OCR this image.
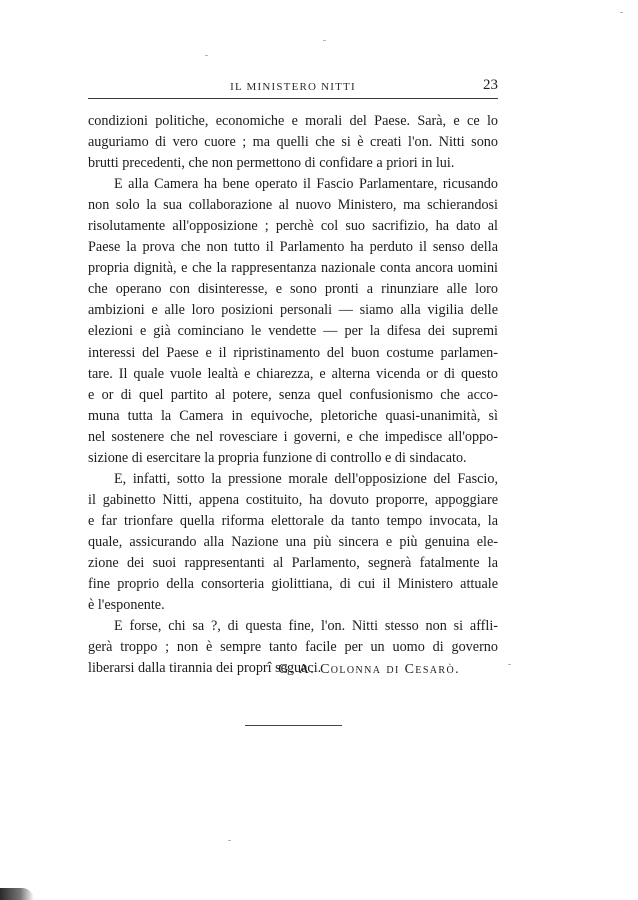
IL MINISTERO NITTI	23

condizioni politiche, economiche e morali del Paese. Sarà, e ce lo

auguriamo di vero cuore ; ma quelli che si è creati l'on. Nitti sono

brutti precedenti, che non permettono di confidare a priori in lui.

E alla Camera ha bene operato il Fascio Parlamentare, ricusando

non solo la sua collaborazione al nuovo Ministero, ma schierandosi

risolutamente all'opposizione ; perchè col suo sacrifizio, ha dato al

Paese la prova che non tutto il Parlamento ha perduto il senso della

propria dignità, e che la rappresentanza nazionale conta ancora uomini

che operano con disinteresse, e sono pronti a rinunziare alle loro

ambizioni e alle loro posizioni personali — siamo alla vigilia delle

elezioni e già cominciano le vendette — per la difesa dei supremi

interessi del Paese e il ripristinamento del buon costume parlamen-

tare. Il quale vuole lealtà e chiarezza, e alterna vicenda or di questo

e or di quel partito al potere, senza quel confusionismo che acco-

muna tutta la Camera in equivoche, pletoriche quasi-unanimità, sì

nel sostenere che nel rovesciare i governi, e che impedisce all'oppo-

sizione di esercitare la propria funzione di controllo e di sindacato.

E, infatti, sotto la pressione morale dell'opposizione del Fascio,

il gabinetto Nitti, appena costituito, ha dovuto proporre, appoggiare

e far trionfare quella riforma elettorale da tanto tempo invocata, la

quale, assicurando alla Nazione una più sincera e più genuina ele-

zione dei suoi rappresentanti al Parlamento, segnerà fatalmente la

fine proprio della consorteria giolittiana, di cui il Ministero attuale

è l'esponente.

E forse, chi sa ?, di questa fine, l'on. Nitti stesso non si affli-

gerà troppo ; non è sempre tanto facile per un uomo di governo

liberarsi dalla tirannia dei proprî seguaci.

G. A. Colonna di Cesarò.
